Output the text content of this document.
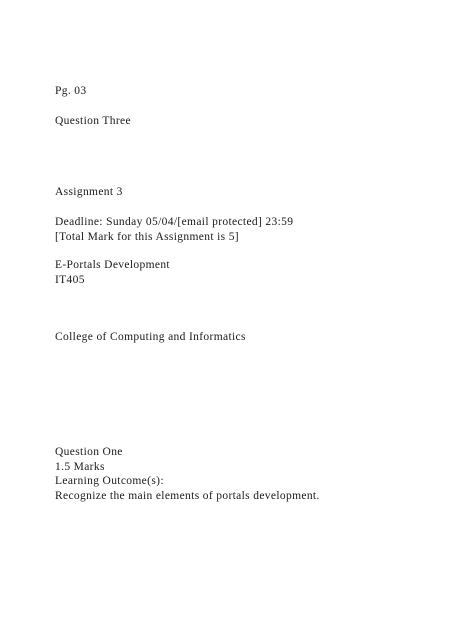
Pg. 03
Question Three
Assignment 3
Deadline: Sunday 05/04/[email protected] 23:59
[Total Mark for this Assignment is 5]
E-Portals Development
IT405
College of Computing and Informatics
Question One
1.5 Marks
Learning Outcome(s):
Recognize the main elements of portals development.
